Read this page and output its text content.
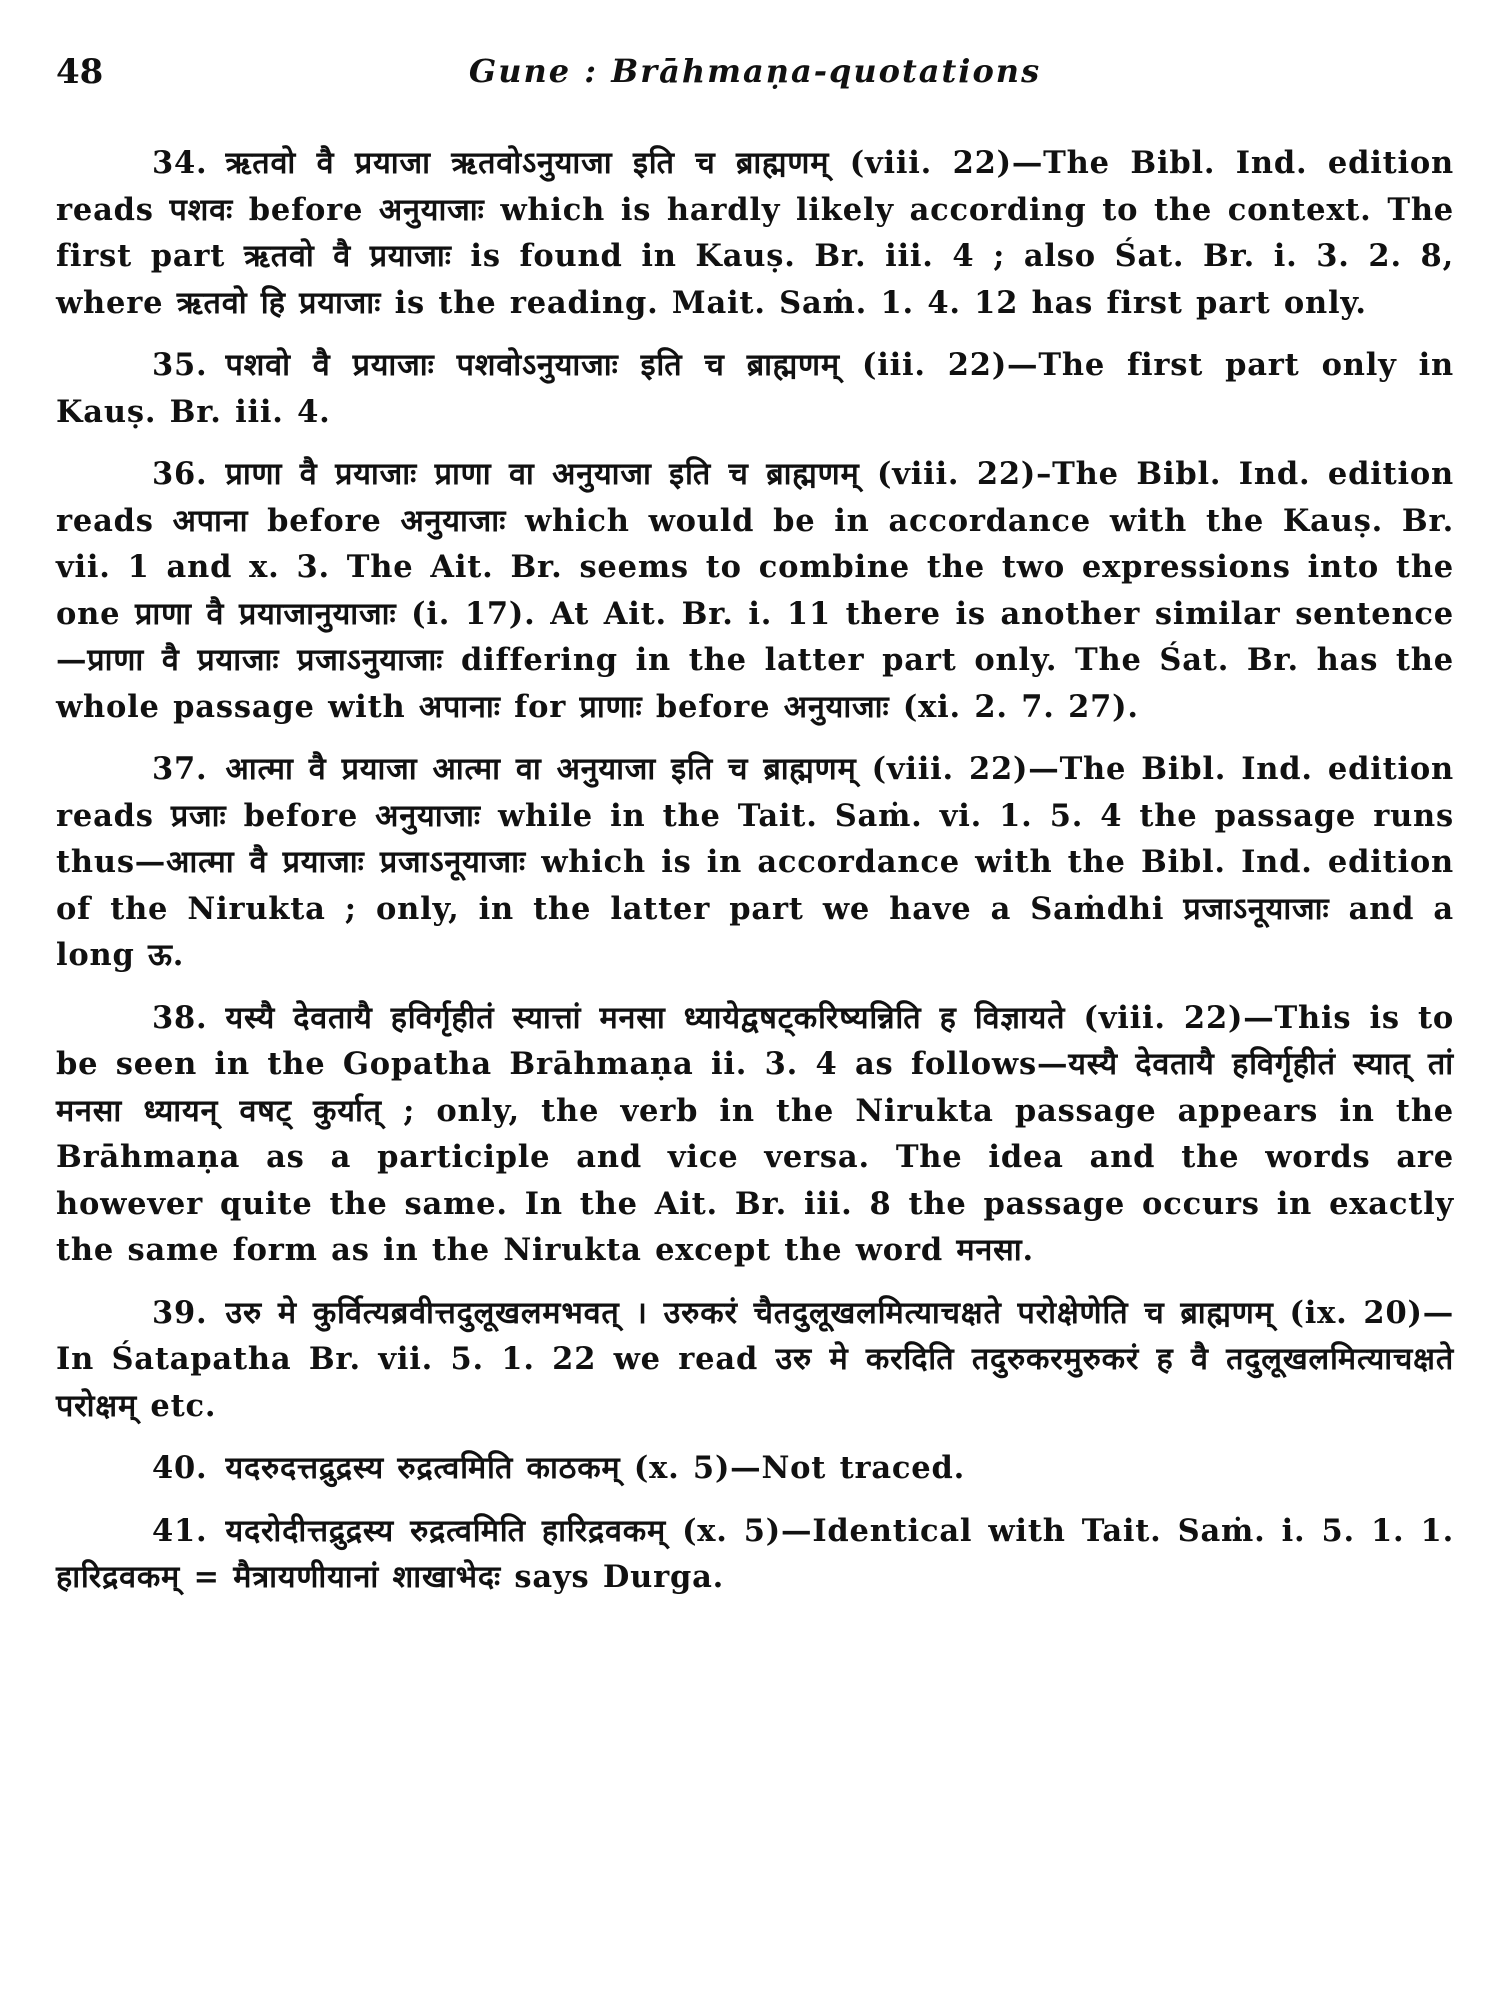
48	Gune : Brāhmaṇa-quotations

34. ऋतवो वै प्रयाजा ऋतवोऽनुयाजा इति च ब्राह्मणम् (viii. 22)—The Bibl. Ind. edition reads पशवः before अनुयाजाः which is hardly likely according to the context. The first part ऋतवो वै प्रयाजाः is found in Kauṣ. Br. iii. 4 ; also Śat. Br. i. 3. 2. 8, where ऋतवो हि प्रयाजाः is the reading. Mait. Saṁ. 1. 4. 12 has first part only.

35. पशवो वै प्रयाजाः पशवोऽनुयाजाः इति च ब्राह्मणम् (iii. 22)—The first part only in Kauṣ. Br. iii. 4.

36. प्राणा वै प्रयाजाः प्राणा वा अनुयाजा इति च ब्राह्मणम् (viii. 22)–The Bibl. Ind. edition reads अपाना before अनुयाजाः which would be in accordance with the Kauṣ. Br. vii. 1 and x. 3. The Ait. Br. seems to combine the two expressions into the one प्राणा वै प्रयाजानुयाजाः (i. 17). At Ait. Br. i. 11 there is another similar sentence—प्राणा वै प्रयाजाः प्रजाऽनुयाजाः differing in the latter part only. The Śat. Br. has the whole passage with अपानाः for प्राणाः before अनुयाजाः (xi. 2. 7. 27).

37. आत्मा वै प्रयाजा आत्मा वा अनुयाजा इति च ब्राह्मणम् (viii. 22)—The Bibl. Ind. edition reads प्रजाः before अनुयाजाः while in the Tait. Saṁ. vi. 1. 5. 4 the passage runs thus—आत्मा वै प्रयाजाः प्रजाऽनूयाजाः which is in accordance with the Bibl. Ind. edition of the Nirukta ; only, in the latter part we have a Saṁdhi प्रजाऽनूयाजाः and a long ऊ.

38. यस्यै देवतायै हविर्गृहीतं स्यात्तां मनसा ध्यायेद्वषट्करिष्यन्निति ह विज्ञायते (viii. 22)—This is to be seen in the Gopatha Brāhmaṇa ii. 3. 4 as follows—यस्यै देवतायै हविर्गृहीतं स्यात् तां मनसा ध्यायन् वषट् कुर्यात् ; only, the verb in the Nirukta passage appears in the Brāhmaṇa as a participle and vice versa. The idea and the words are however quite the same. In the Ait. Br. iii. 8 the passage occurs in exactly the same form as in the Nirukta except the word मनसा.

39. उरु मे कुर्वित्यब्रवीत्तदुलूखलमभवत् । उरुकरं चैतदुलूखलमित्याचक्षते परोक्षेणेति च ब्राह्मणम् (ix. 20)—In Śatapatha Br. vii. 5. 1. 22 we read उरु मे करदिति तदुरुकरमुरुकरं ह वै तदुलूखलमित्याचक्षते परोक्षम् etc.

40. यदरुदत्तद्रुद्रस्य रुद्रत्वमिति काठकम् (x. 5)—Not traced.

41. यदरोदीत्तद्रुद्रस्य रुद्रत्वमिति हारिद्रवकम् (x. 5)—Identical with Tait. Saṁ. i. 5. 1. 1. हारिद्रवकम् = मैत्रायणीयानां शाखाभेदः says Durga.
